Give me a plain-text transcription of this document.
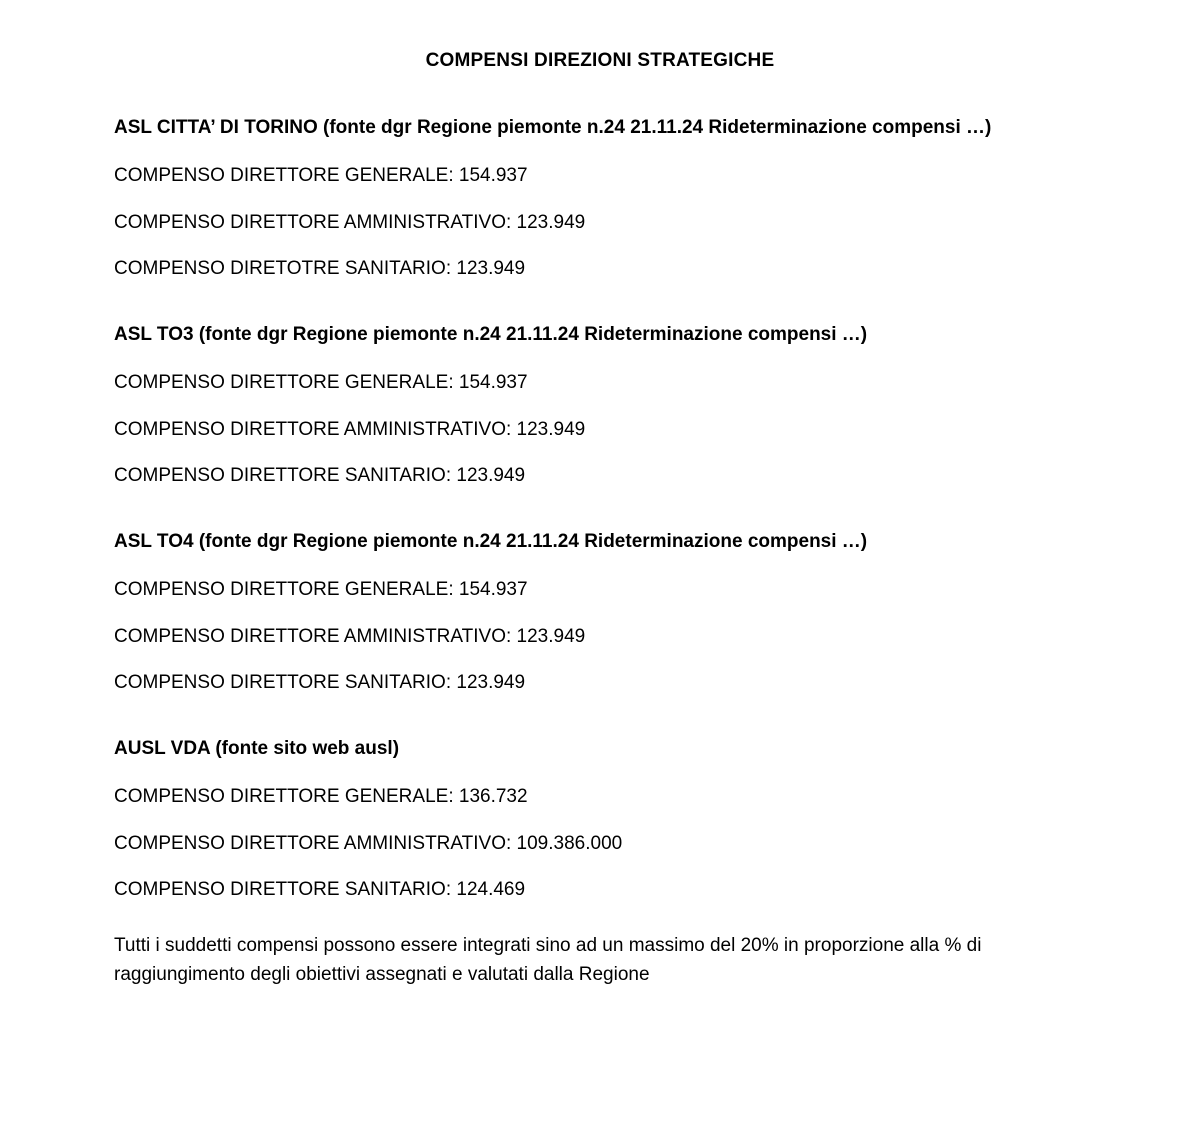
COMPENSI DIREZIONI STRATEGICHE

ASL CITTA’ DI TORINO (fonte dgr Regione piemonte n.24 21.11.24 Rideterminazione compensi …)

COMPENSO DIRETTORE GENERALE: 154.937

COMPENSO DIRETTORE AMMINISTRATIVO: 123.949

COMPENSO DIRETOTRE SANITARIO: 123.949

ASL TO3 (fonte dgr Regione piemonte n.24 21.11.24 Rideterminazione compensi …)

COMPENSO DIRETTORE GENERALE: 154.937

COMPENSO DIRETTORE AMMINISTRATIVO: 123.949

COMPENSO DIRETTORE SANITARIO: 123.949

ASL TO4 (fonte dgr Regione piemonte n.24 21.11.24 Rideterminazione compensi …)

COMPENSO DIRETTORE GENERALE: 154.937

COMPENSO DIRETTORE AMMINISTRATIVO: 123.949

COMPENSO DIRETTORE SANITARIO: 123.949

AUSL VDA (fonte sito web ausl)

COMPENSO DIRETTORE GENERALE: 136.732

COMPENSO DIRETTORE AMMINISTRATIVO: 109.386.000

COMPENSO DIRETTORE SANITARIO: 124.469

Tutti i suddetti compensi possono essere integrati sino ad un massimo del 20% in proporzione alla % di raggiungimento degli obiettivi assegnati e valutati dalla Regione
